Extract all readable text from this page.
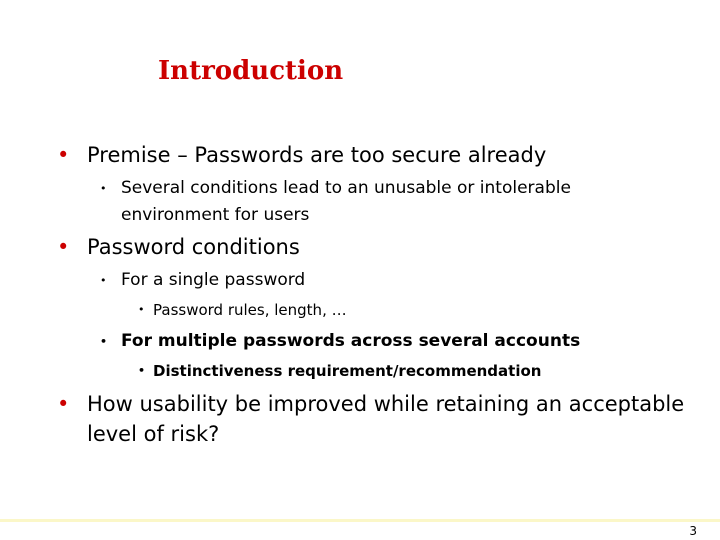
Introduction
• Premise – Passwords are too secure already
• Several conditions lead to an unusable or intolerable environment for users
• Password conditions
• For a single password
• Password rules, length, …
• For multiple passwords across several accounts
• Distinctiveness requirement/recommendation
• How usability be improved while retaining an acceptable level of risk?
3
